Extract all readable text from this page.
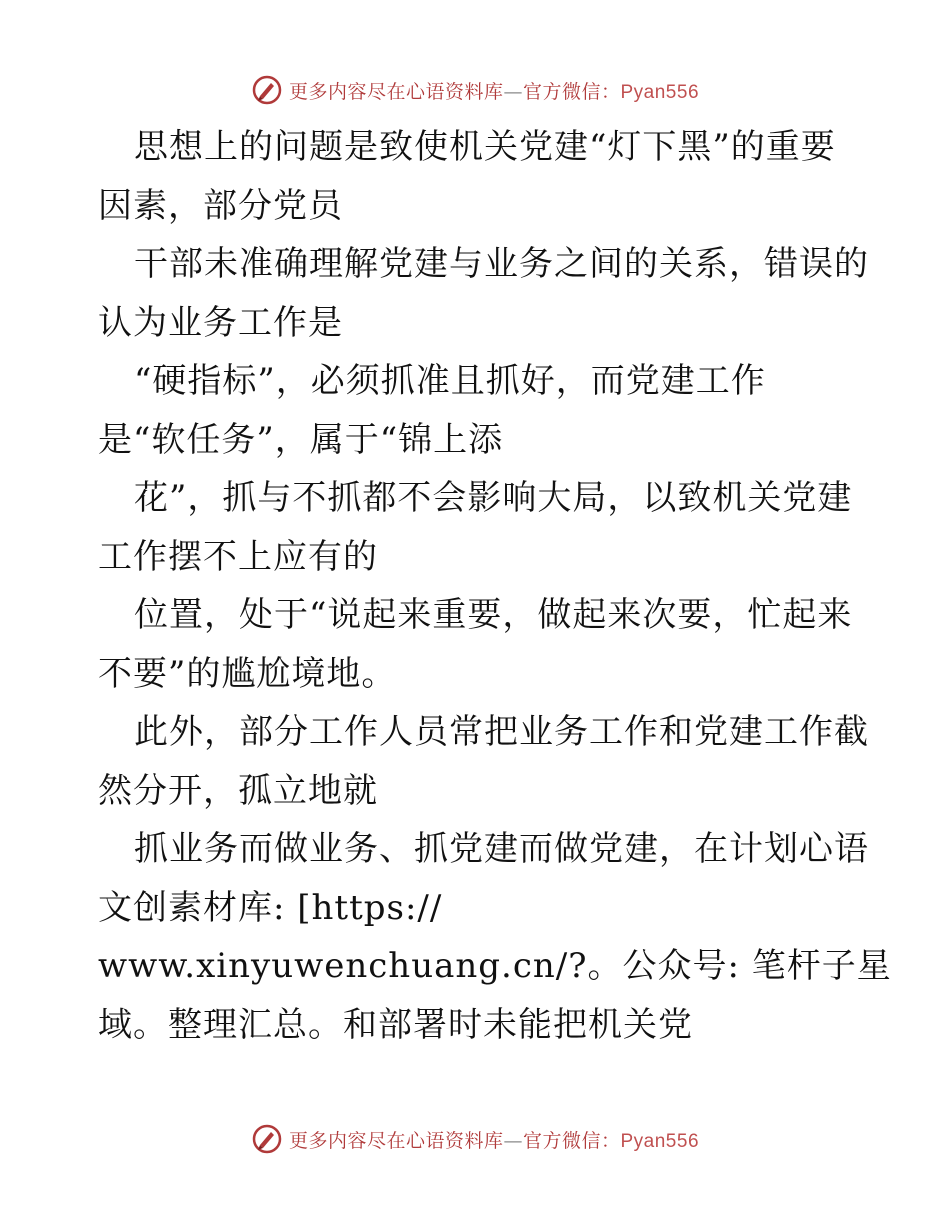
更多内容尽在心语资料库—官方微信：Pyan556
思想上的问题是致使机关党建“灯下黑”的重要
因素，部分党员
干部未准确理解党建与业务之间的关系，错误的
认为业务工作是
“硬指标”，必须抓准且抓好，而党建工作
是“软任务”，属于“锦上添
花”，抓与不抓都不会影响大局，以致机关党建
工作摆不上应有的
位置，处于“说起来重要，做起来次要，忙起来
不要”的尴尬境地。
此外，部分工作人员常把业务工作和党建工作截
然分开，孤立地就
抓业务而做业务、抓党建而做党建，在计划心语
文创素材库: [https://
www.xinyuwenchuang.cn/?。公众号: 笔杆子星
域。整理汇总。和部署时未能把机关党
更多内容尽在心语资料库—官方微信：Pyan556
